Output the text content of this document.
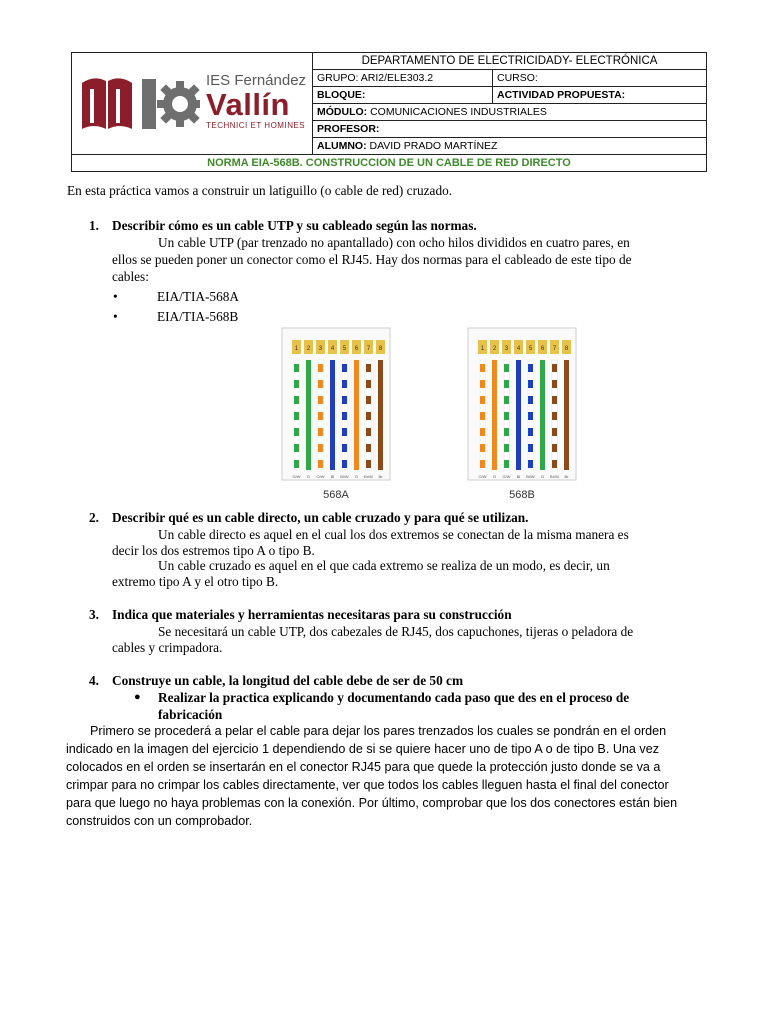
IES Fernández
Vallín
TECHNICI ET HOMINES	DEPARTAMENTO DE ELECTRICIDADY- ELECTRÓNICA	
	GRUPO: ARI2/ELE303.2	CURSO:
	BLOQUE:	ACTIVIDAD PROPUESTA:
	MÓDULO: COMUNICACIONES INDUSTRIALES	
	PROFESOR:	
	ALUMNO: DAVID PRADO MARTÍNEZ	
NORMA EIA-568B. CONSTRUCCION DE UN CABLE DE RED DIRECTO		
En esta práctica vamos a construir un latiguillo (o cable de red) cruzado.
1. Describir cómo es un cable UTP y su cableado según las normas.
Un cable UTP (par trenzado no apantallado) con ocho hilos divididos en cuatro pares, en
ellos se pueden poner un conector como el RJ45. Hay dos normas para el cableado de este tipo de
cables:
•	EIA/TIA-568A
•	EIA/TIA-568B
1
G/W
2
G
3
O/W
4
Bl
5
Bl/W
6
O
7
Br/W
8
Br
1
O/W
2
O
3
G/W
4
Bl
5
Bl/W
6
G
7
Br/W
8
Br
568A	568B
2. Describir qué es un cable directo, un cable cruzado y para qué se utilizan.
Un cable directo es aquel en el cual los dos extremos se conectan de la misma manera es
decir los dos estremos tipo A o tipo B.
Un cable cruzado es aquel en el que cada extremo se realiza de un modo, es decir, un
extremo tipo A y el otro tipo B.
3. Indica que materiales y herramientas necesitaras para su construcción
Se necesitará un cable UTP, dos cabezales de RJ45, dos capuchones, tijeras o peladora de
cables y crimpadora.
4. Construye un cable, la longitud del cable debe de ser de 50 cm
● Realizar la practica explicando y documentando cada paso que des en el proceso de
fabricación
Primero se procederá a pelar el cable para dejar los pares trenzados los cuales se pondrán en el orden
indicado en la imagen del ejercicio 1 dependiendo de si se quiere hacer uno de tipo A o de tipo B. Una vez
colocados en el orden se insertarán en el conector RJ45 para que quede la protección justo donde se va a
crimpar para no crimpar los cables directamente, ver que todos los cables lleguen hasta el final del conector
para que luego no haya problemas con la conexión. Por último, comprobar que los dos conectores están bien
construidos con un comprobador.
